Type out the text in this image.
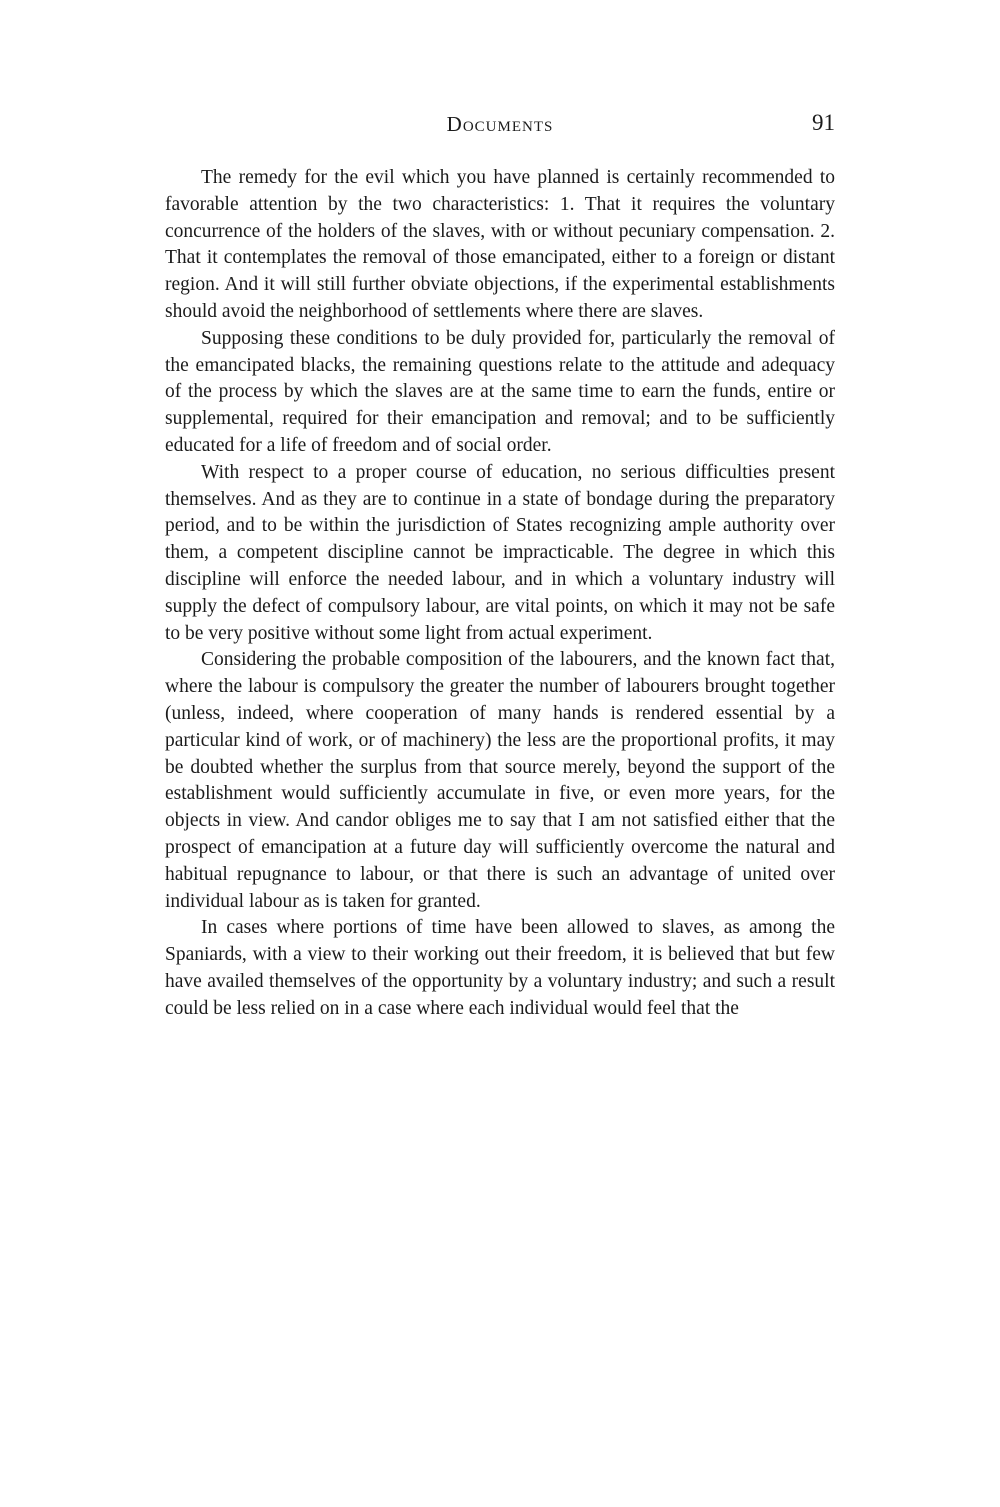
Documents	91

The remedy for the evil which you have planned is certainly recommended to favorable attention by the two characteristics: 1. That it requires the voluntary concurrence of the holders of the slaves, with or without pecuniary compensation. 2. That it contemplates the removal of those emancipated, either to a foreign or distant region. And it will still further obviate objections, if the experimental establishments should avoid the neighborhood of settlements where there are slaves.

Supposing these conditions to be duly provided for, particularly the removal of the emancipated blacks, the remaining questions relate to the attitude and adequacy of the process by which the slaves are at the same time to earn the funds, entire or supplemental, required for their emancipation and removal; and to be sufficiently educated for a life of freedom and of social order.

With respect to a proper course of education, no serious difficulties present themselves. And as they are to continue in a state of bondage during the preparatory period, and to be within the jurisdiction of States recognizing ample authority over them, a competent discipline cannot be impracticable. The degree in which this discipline will enforce the needed labour, and in which a voluntary industry will supply the defect of compulsory labour, are vital points, on which it may not be safe to be very positive without some light from actual experiment.

Considering the probable composition of the labourers, and the known fact that, where the labour is compulsory the greater the number of labourers brought together (unless, indeed, where cooperation of many hands is rendered essential by a particular kind of work, or of machinery) the less are the proportional profits, it may be doubted whether the surplus from that source merely, beyond the support of the establishment would sufficiently accumulate in five, or even more years, for the objects in view. And candor obliges me to say that I am not satisfied either that the prospect of emancipation at a future day will sufficiently overcome the natural and habitual repugnance to labour, or that there is such an advantage of united over individual labour as is taken for granted.

In cases where portions of time have been allowed to slaves, as among the Spaniards, with a view to their working out their freedom, it is believed that but few have availed themselves of the opportunity by a voluntary industry; and such a result could be less relied on in a case where each individual would feel that the
